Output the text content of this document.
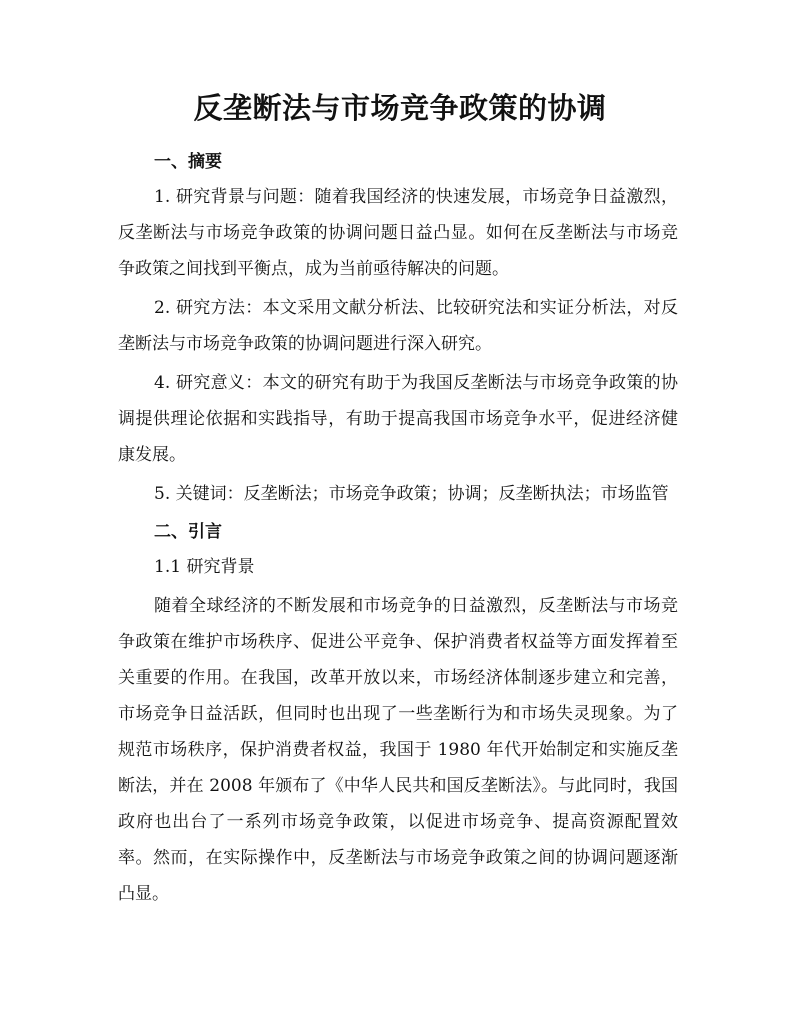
反垄断法与市场竞争政策的协调
一、摘要

1. 研究背景与问题：随着我国经济的快速发展，市场竞争日益激烈，反垄断法与市场竞争政策的协调问题日益凸显。如何在反垄断法与市场竞争政策之间找到平衡点，成为当前亟待解决的问题。

2. 研究方法：本文采用文献分析法、比较研究法和实证分析法，对反垄断法与市场竞争政策的协调问题进行深入研究。

4. 研究意义：本文的研究有助于为我国反垄断法与市场竞争政策的协调提供理论依据和实践指导，有助于提高我国市场竞争水平，促进经济健康发展。

5. 关键词：反垄断法；市场竞争政策；协调；反垄断执法；市场监管

二、引言

1.1 研究背景

随着全球经济的不断发展和市场竞争的日益激烈，反垄断法与市场竞争政策在维护市场秩序、促进公平竞争、保护消费者权益等方面发挥着至关重要的作用。在我国，改革开放以来，市场经济体制逐步建立和完善，市场竞争日益活跃，但同时也出现了一些垄断行为和市场失灵现象。为了规范市场秩序，保护消费者权益，我国于 1980 年代开始制定和实施反垄断法，并在 2008 年颁布了《中华人民共和国反垄断法》。与此同时，我国政府也出台了一系列市场竞争政策，以促进市场竞争、提高资源配置效率。然而，在实际操作中，反垄断法与市场竞争政策之间的协调问题逐渐凸显。
